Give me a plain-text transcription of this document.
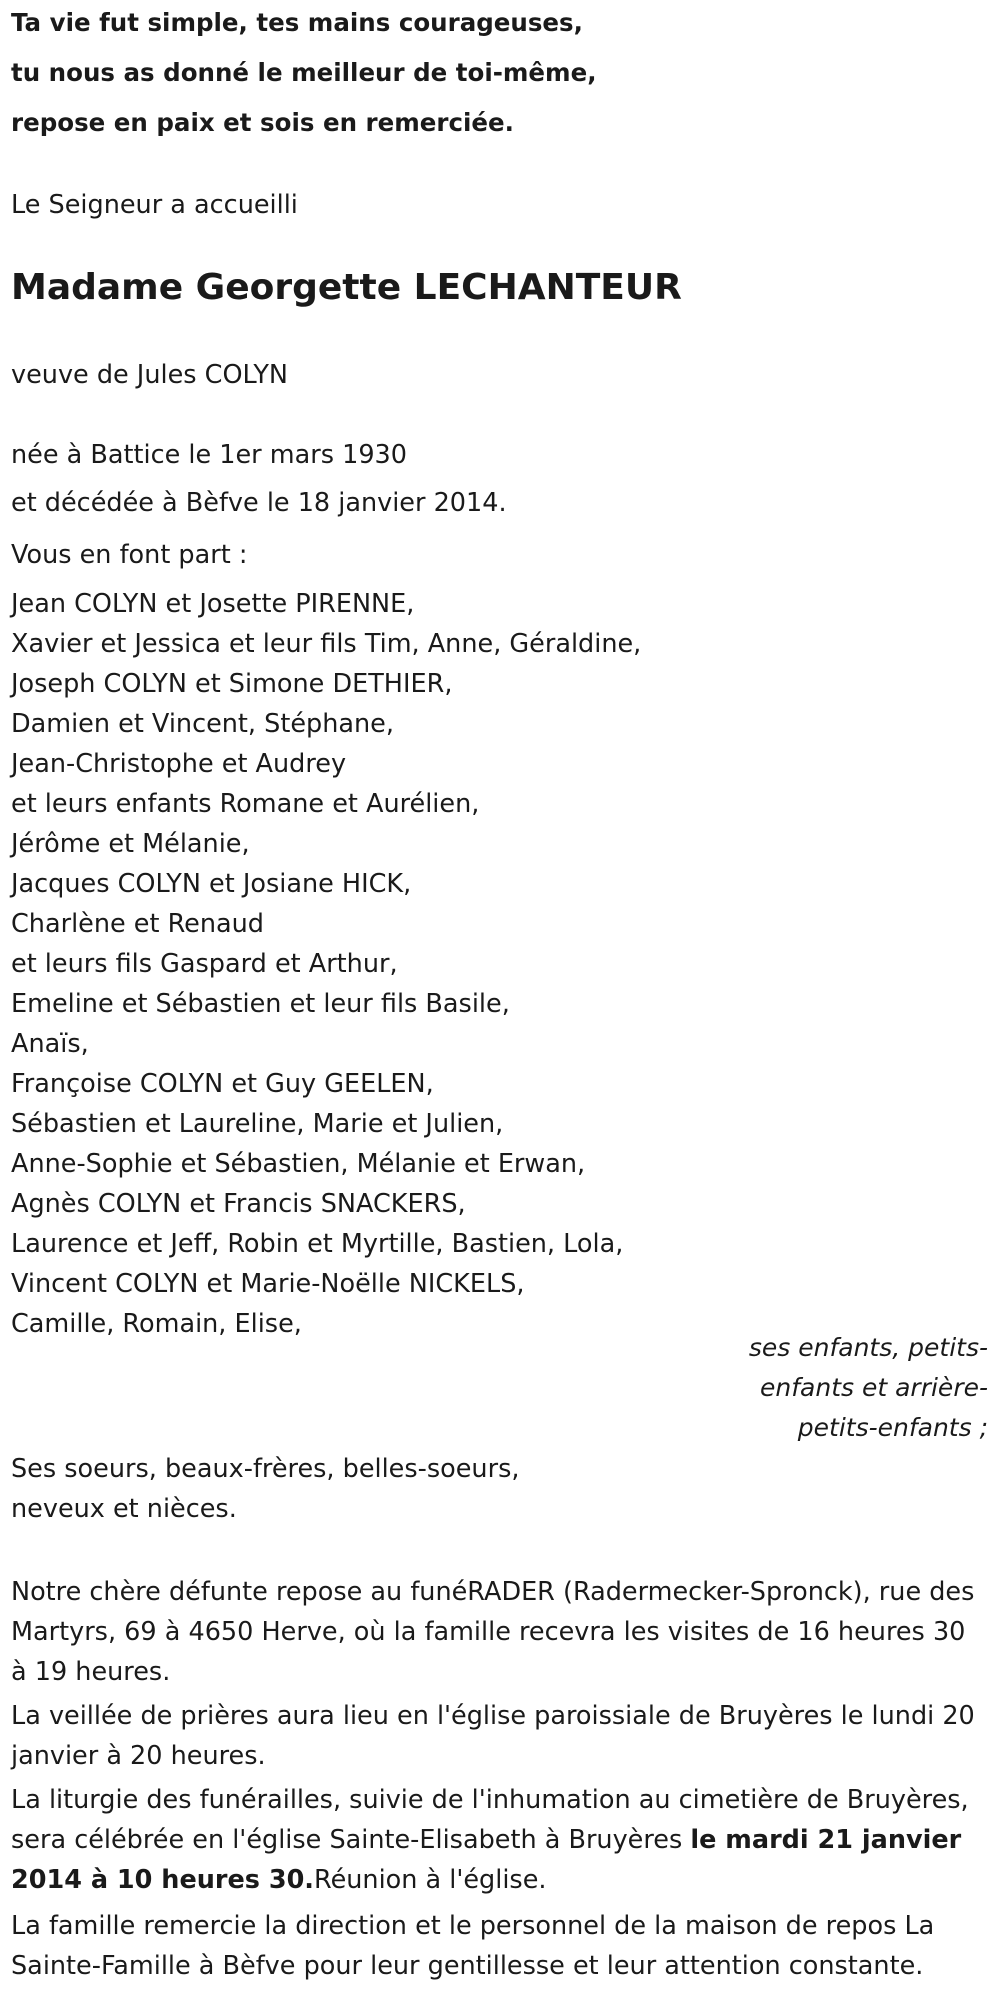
Ta vie fut simple, tes mains courageuses,
tu nous as donné le meilleur de toi-même,
repose en paix et sois en remerciée.
Le Seigneur a accueilli
Madame Georgette LECHANTEUR
veuve de Jules COLYN
née à Battice le 1er mars 1930
et décédée à Bèfve le 18 janvier 2014.
Vous en font part :
Jean COLYN et Josette PIRENNE,
Xavier et Jessica et leur fils Tim, Anne, Géraldine,
Joseph COLYN et Simone DETHIER,
Damien et Vincent, Stéphane,
Jean-Christophe et Audrey
et leurs enfants Romane et Aurélien,
Jérôme et Mélanie,
Jacques COLYN et Josiane HICK,
Charlène et Renaud
et leurs fils Gaspard et Arthur,
Emeline et Sébastien et leur fils Basile,
Anaïs,
Françoise COLYN et Guy GEELEN,
Sébastien et Laureline, Marie et Julien,
Anne-Sophie et Sébastien, Mélanie et Erwan,
Agnès COLYN et Francis SNACKERS,
Laurence et Jeff, Robin et Myrtille, Bastien, Lola,
Vincent COLYN et Marie-Noëlle NICKELS,
Camille, Romain, Elise,
ses enfants, petits-
enfants et arrière-
petits-enfants ;
Ses soeurs, beaux-frères, belles-soeurs,
neveux et nièces.
Notre chère défunte repose au funéRADER (Radermecker-Spronck), rue des Martyrs, 69 à 4650 Herve, où la famille recevra les visites de 16 heures 30 à 19 heures.
La veillée de prières aura lieu en l'église paroissiale de Bruyères le lundi 20 janvier à 20 heures.
La liturgie des funérailles, suivie de l'inhumation au cimetière de Bruyères, sera célébrée en l'église Sainte-Elisabeth à Bruyères le mardi 21 janvier 2014 à 10 heures 30.Réunion à l'église.
La famille remercie la direction et le personnel de la maison de repos La Sainte-Famille à Bèfve pour leur gentillesse et leur attention constante.
